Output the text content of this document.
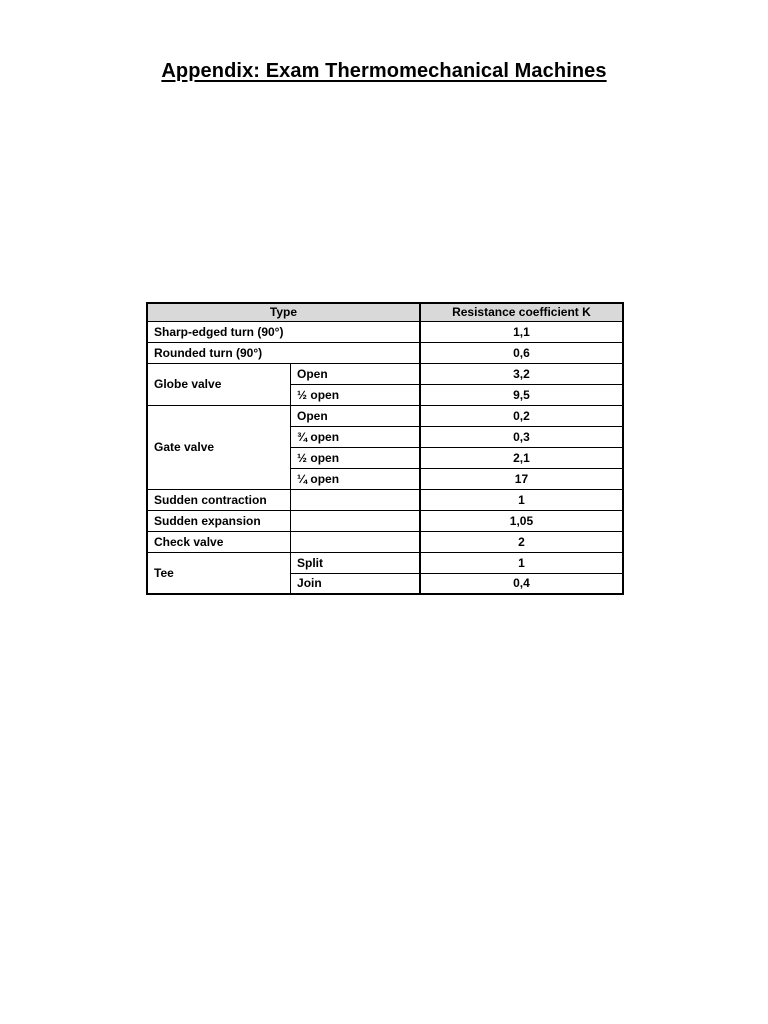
Appendix: Exam Thermomechanical Machines
Type		Resistance coefficient K
Sharp-edged turn (90°)		1,1
Rounded turn (90°)		0,6
Globe valve	Open	3,2
	½ open	9,5
Gate valve	Open	0,2
	¾ open	0,3
	½ open	2,1
	¼ open	17
Sudden contraction		1
Sudden expansion		1,05
Check valve		2
Tee	Split	1
	Join	0,4
